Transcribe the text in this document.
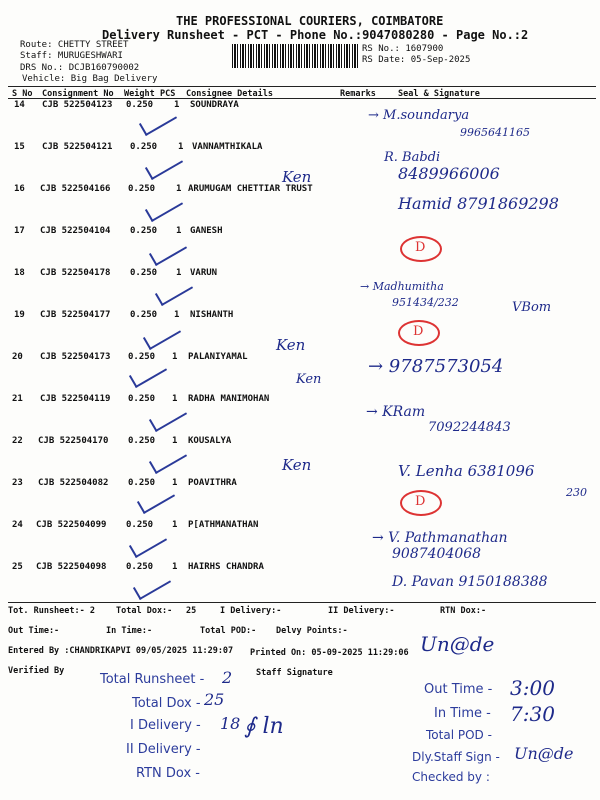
THE PROFESSIONAL COURIERS, COIMBATORE
Delivery Runsheet - PCT - Phone No.:9047080280 - Page No.:2
Route: CHETTY STREET
Staff: MURUGESHWARI
DRS No.: DCJB160790002
Vehicle: Big Bag Delivery
RS No.: 1607900
RS Date: 05-Sep-2025
S No Consignment No Weight PCS Consignee Details	Remarks	Seal & Signature
14 CJB 522504123 0.250 1 SOUNDRAYA
15 CJB 522504121 0.250 1 VANNAMTHIKALA
16 CJB 522504166 0.250 1 ARUMUGAM CHETTIAR TRUST
17 CJB 522504104 0.250 1 GANESH
18 CJB 522504178 0.250 1 VARUN
19 CJB 522504177 0.250 1 NISHANTH
20 CJB 522504173 0.250 1 PALANIYAMAL
21 CJB 522504119 0.250 1 RADHA MANIMOHAN
22 CJB 522504170 0.250 1 KOUSALYA
23 CJB 522504082 0.250 1 POAVITHRA
24 CJB 522504099 0.250 1 P[ATHMANATHAN
25 CJB 522504098 0.250 1 HAIRHS CHANDRA
Ken
Ken
Ken
Ken
→ M.soundarya
9965641165
R. Babdi
8489966006
Hamid 8791869298
D
→ Madhumitha
951434/232	VBom
D
→ 9787573054
→ KRam
7092244843
V. Lenha 6381096
230
D
→ V. Pathmanathan
9087404068
D. Pavan 9150188388
Tot. Runsheet:- 2 Total Dox:- 25	I Delivery:-	II Delivery:-	RTN Dox:-
Out Time:-	In Time:-	Total POD:- Delvy Points:-
Entered By :CHANDRIKAPVI 09/05/2025 11:29:07 Printed On: 05-09-2025 11:29:06
Verified By	Staff Signature
Un@de
Total Runsheet - 2
Total Dox - 25
I Delivery - 18
II Delivery -
RTN Dox -
∮ ln
Out Time - 3:00
In Time - 7:30
Total POD -
Dly.Staff Sign - Un@de
Checked by :
